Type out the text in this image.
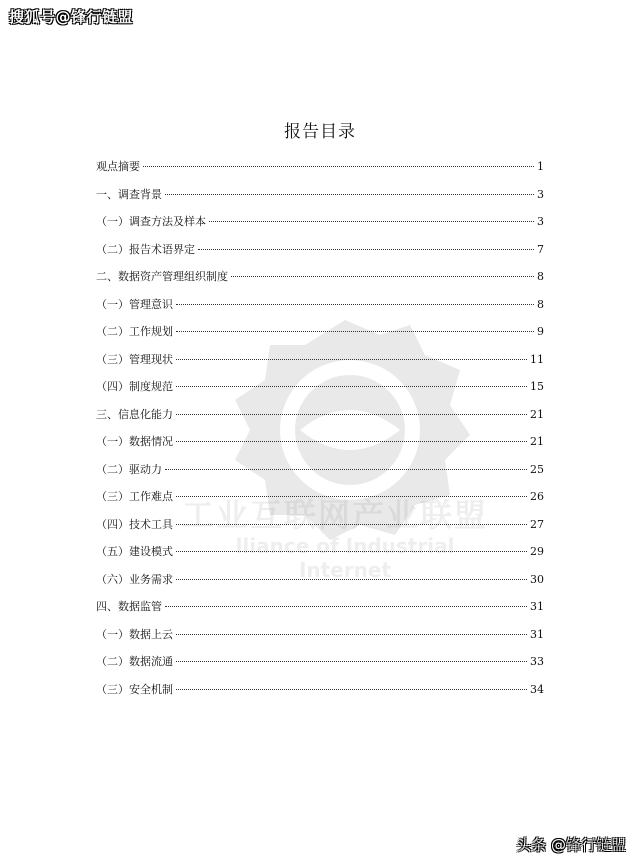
搜狐号@锋行链盟
工业互联网产业联盟
lliance of Industrial Internet
报告目录
观点摘要	1
一、调查背景	3
（一）调查方法及样本	3
（二）报告术语界定	7
二、数据资产管理组织制度	8
（一）管理意识	8
（二）工作规划	9
（三）管理现状	11
（四）制度规范	15
三、信息化能力	21
（一）数据情况	21
（二）驱动力	25
（三）工作难点	26
（四）技术工具	27
（五）建设模式	29
（六）业务需求	30
四、数据监管	31
（一）数据上云	31
（二）数据流通	33
（三）安全机制	34
头条 @锋行链盟
